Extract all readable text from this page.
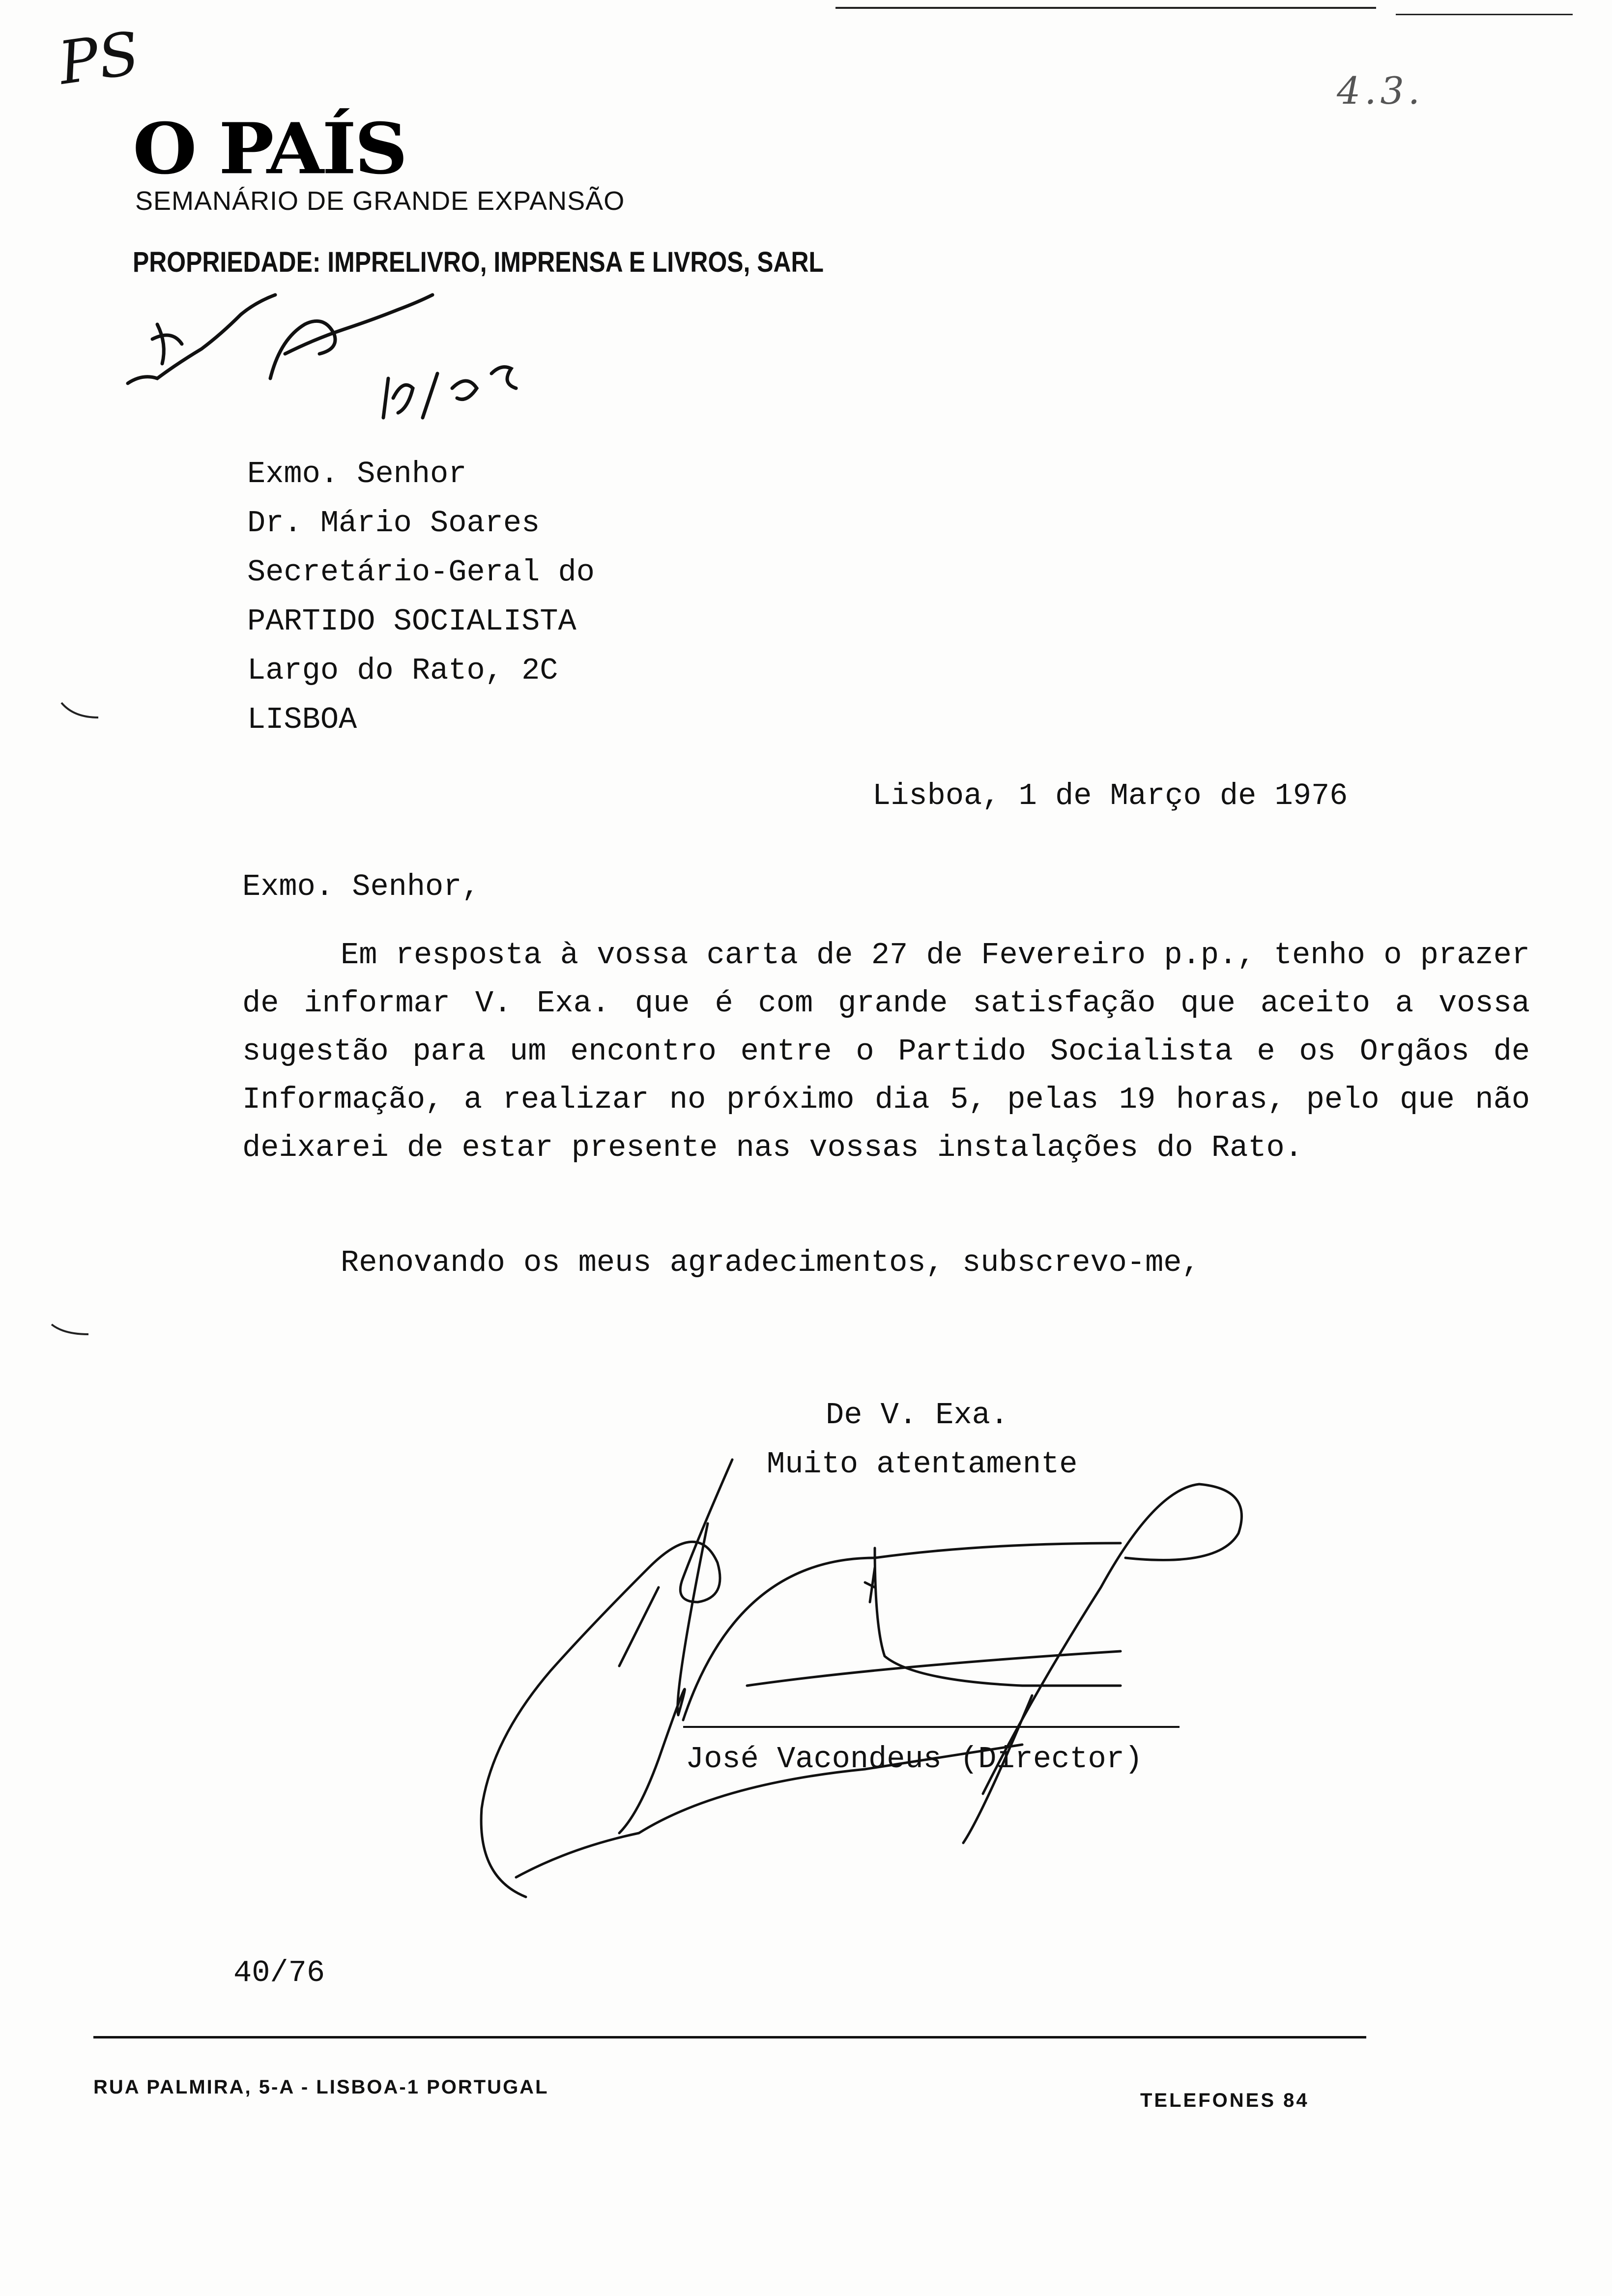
PS	4.3.
O PAÍS
SEMANÁRIO DE GRANDE EXPANSÃO
PROPRIEDADE: IMPRELIVRO, IMPRENSA E LIVROS, SARL
Exmo. Senhor
Dr. Mário Soares
Secretário-Geral do
PARTIDO SOCIALISTA
Largo do Rato, 2C
LISBOA
Lisboa, 1 de Março de 1976
Exmo. Senhor,
Em resposta à vossa carta de 27 de Fevereiro p.p., tenho o prazer de informar V. Exa. que é com grande satisfação que aceito a vossa sugestão para um encontro entre o Partido Socialista e os Orgãos de Informação, a realizar no próximo dia 5, pelas 19 horas, pelo que não deixarei de estar presente nas vossas instalações do Rato.
Renovando os meus agradecimentos, subscrevo-me,
De V. Exa.
Muito atentamente
José Vacondeus (Director)
40/76
RUA PALMIRA, 5-A - LISBOA-1 PORTUGAL
TELEFONES 84
